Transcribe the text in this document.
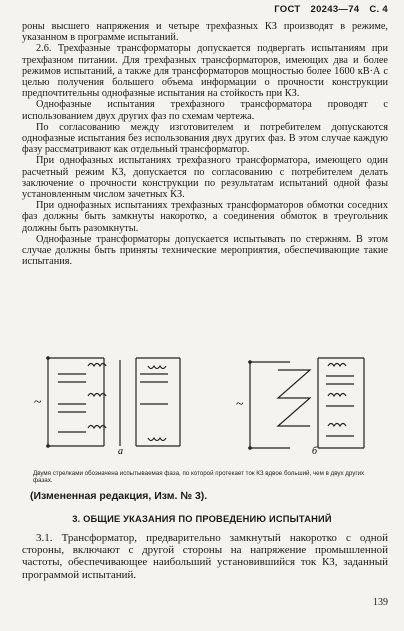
ГОСТ 20243—74 С. 4

роны высшего напряжения и четыре трехфазных КЗ производят в режиме, указанном в программе испытаний.

2.6. Трехфазные трансформаторы допускается подвергать испытаниям при трехфазном питании. Для трехфазных трансформаторов, имеющих два и более режимов испытаний, а также для трансформаторов мощностью более 1600 кВ·А с целью получения большего объема информации о прочности конструкции предпочтительны однофазные испытания на стойкость при КЗ.

Однофазные испытания трехфазного трансформатора проводят с использованием двух других фаз по схемам чертежа.

По согласованию между изготовителем и потребителем допускаются однофазные испытания без использования двух других фаз. В этом случае каждую фазу рассматривают как отдельный трансформатор.

При однофазных испытаниях трехфазного трансформатора, имеющего один расчетный режим КЗ, допускается по согласованию с потребителем делать заключение о прочности конструкции по результатам испытаний одной фазы установленным числом зачетных КЗ.

При однофазных испытаниях трехфазных трансформаторов обмотки соседних фаз должны быть замкнуты накоротко, а соединения обмоток в треугольник должны быть разомкнуты.

Однофазные трансформаторы допускается испытывать по стержням. В этом случае должны быть приняты технические мероприятия, обеспечивающие такие испытания.

~	~
а	б
Двумя стрелками обозначена испытываемая фаза, по которой протекает ток КЗ вдвое больший, чем в двух других фазах.
(Измененная редакция, Изм. № 3).
3. ОБЩИЕ УКАЗАНИЯ ПО ПРОВЕДЕНИЮ ИСПЫТАНИЙ

3.1. Трансформатор, предварительно замкнутый накоротко с одной стороны, включают с другой стороны на напряжение промышленной частоты, обеспечивающее наибольший установившийся ток КЗ, заданный программой испытаний.

139
